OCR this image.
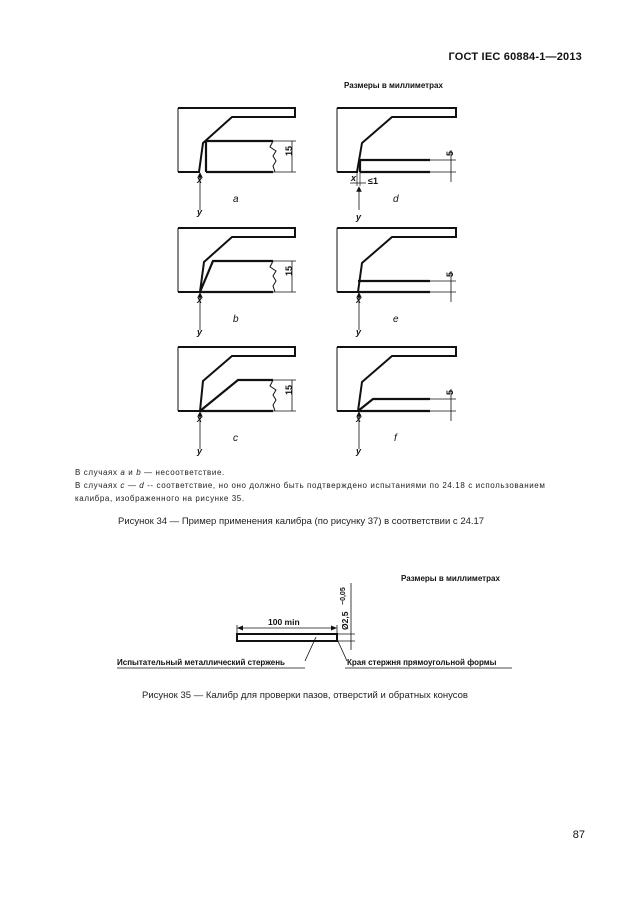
ГОСТ IEC 60884-1—2013
Размеры в миллиметрах
15
x
y
a
15
x
y
b
15
x
y
c
5
≤1
x
y
d
5
x
y
e
5
x
y
f
100 min	Ø2,5
−0,05
В случаях a и b — несоответствие.
В случаях c — d -- соответствие, но оно должно быть подтверждено испытаниями по 24.18 с использованием
калибра, изображенного на рисунке 35.
Рисунок 34 — Пример применения калибра (по рисунку 37) в соответствии с 24.17
Размеры в миллиметрах
Испытательный металлический стержень	Края стержня прямоугольной формы
Рисунок 35 — Калибр для проверки пазов, отверстий и обратных конусов
87
